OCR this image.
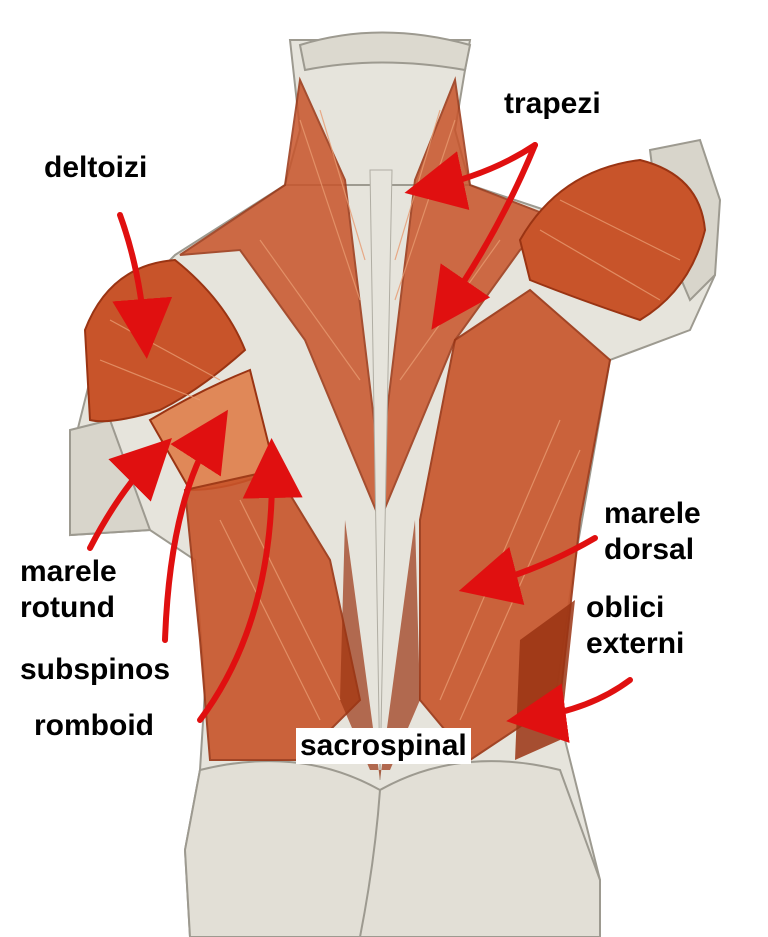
trapezi
deltoizi
marele
dorsal
marele
rotund	oblici
externi
subspinos
romboid
sacrospinal
